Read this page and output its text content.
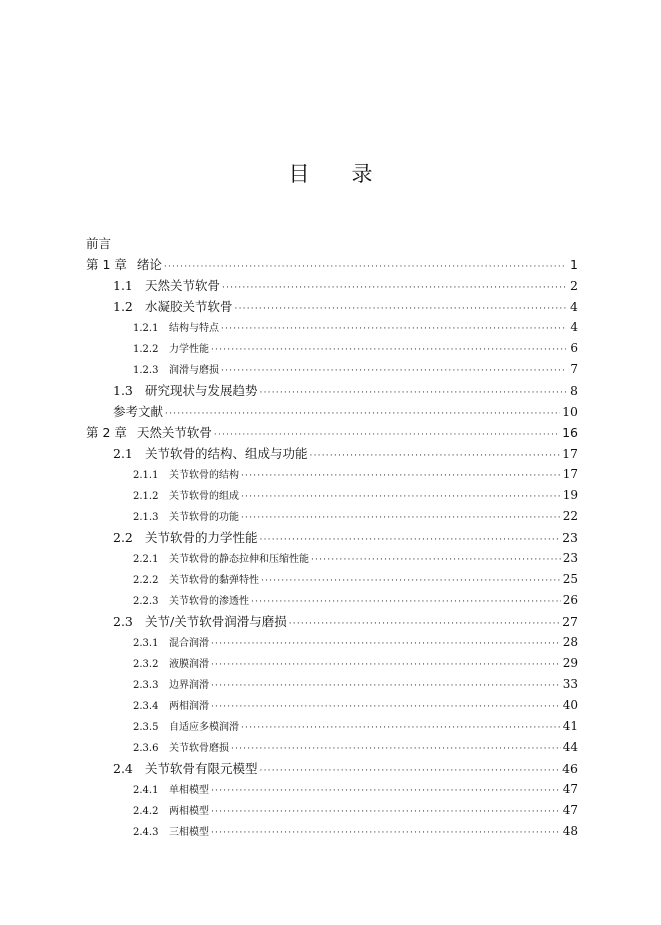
目 录
前言
第 1 章 绪论 ·····	1
1.1 天然关节软骨 ·····	2
1.2 水凝胶关节软骨 ·····	4
1.2.1	结构与特点 ·····	4
1.2.2	力学性能 ·····	6
1.2.3	润滑与磨损 ·····	7
1.3 研究现状与发展趋势 ·····	8
参考文献 ·····	10
第 2 章 天然关节软骨 ·····	16
2.1 关节软骨的结构、组成与功能 ·····	17
2.1.1	关节软骨的结构 ·····	17
2.1.2	关节软骨的组成 ·····	19
2.1.3	关节软骨的功能 ·····	22
2.2 关节软骨的力学性能 ·····	23
2.2.1	关节软骨的静态拉伸和压缩性能 ·····	23
2.2.2	关节软骨的黏弹特性 ·····	25
2.2.3	关节软骨的渗透性 ·····	26
2.3 关节/关节软骨润滑与磨损 ·····	27
2.3.1	混合润滑 ·····	28
2.3.2	液膜润滑 ·····	29
2.3.3	边界润滑 ·····	33
2.3.4	两相润滑 ·····	40
2.3.5	自适应多模润滑 ·····	41
2.3.6	关节软骨磨损 ·····	44
2.4 关节软骨有限元模型 ·····	46
2.4.1	单相模型 ·····	47
2.4.2	两相模型 ·····	47
2.4.3	三相模型 ·····	48
